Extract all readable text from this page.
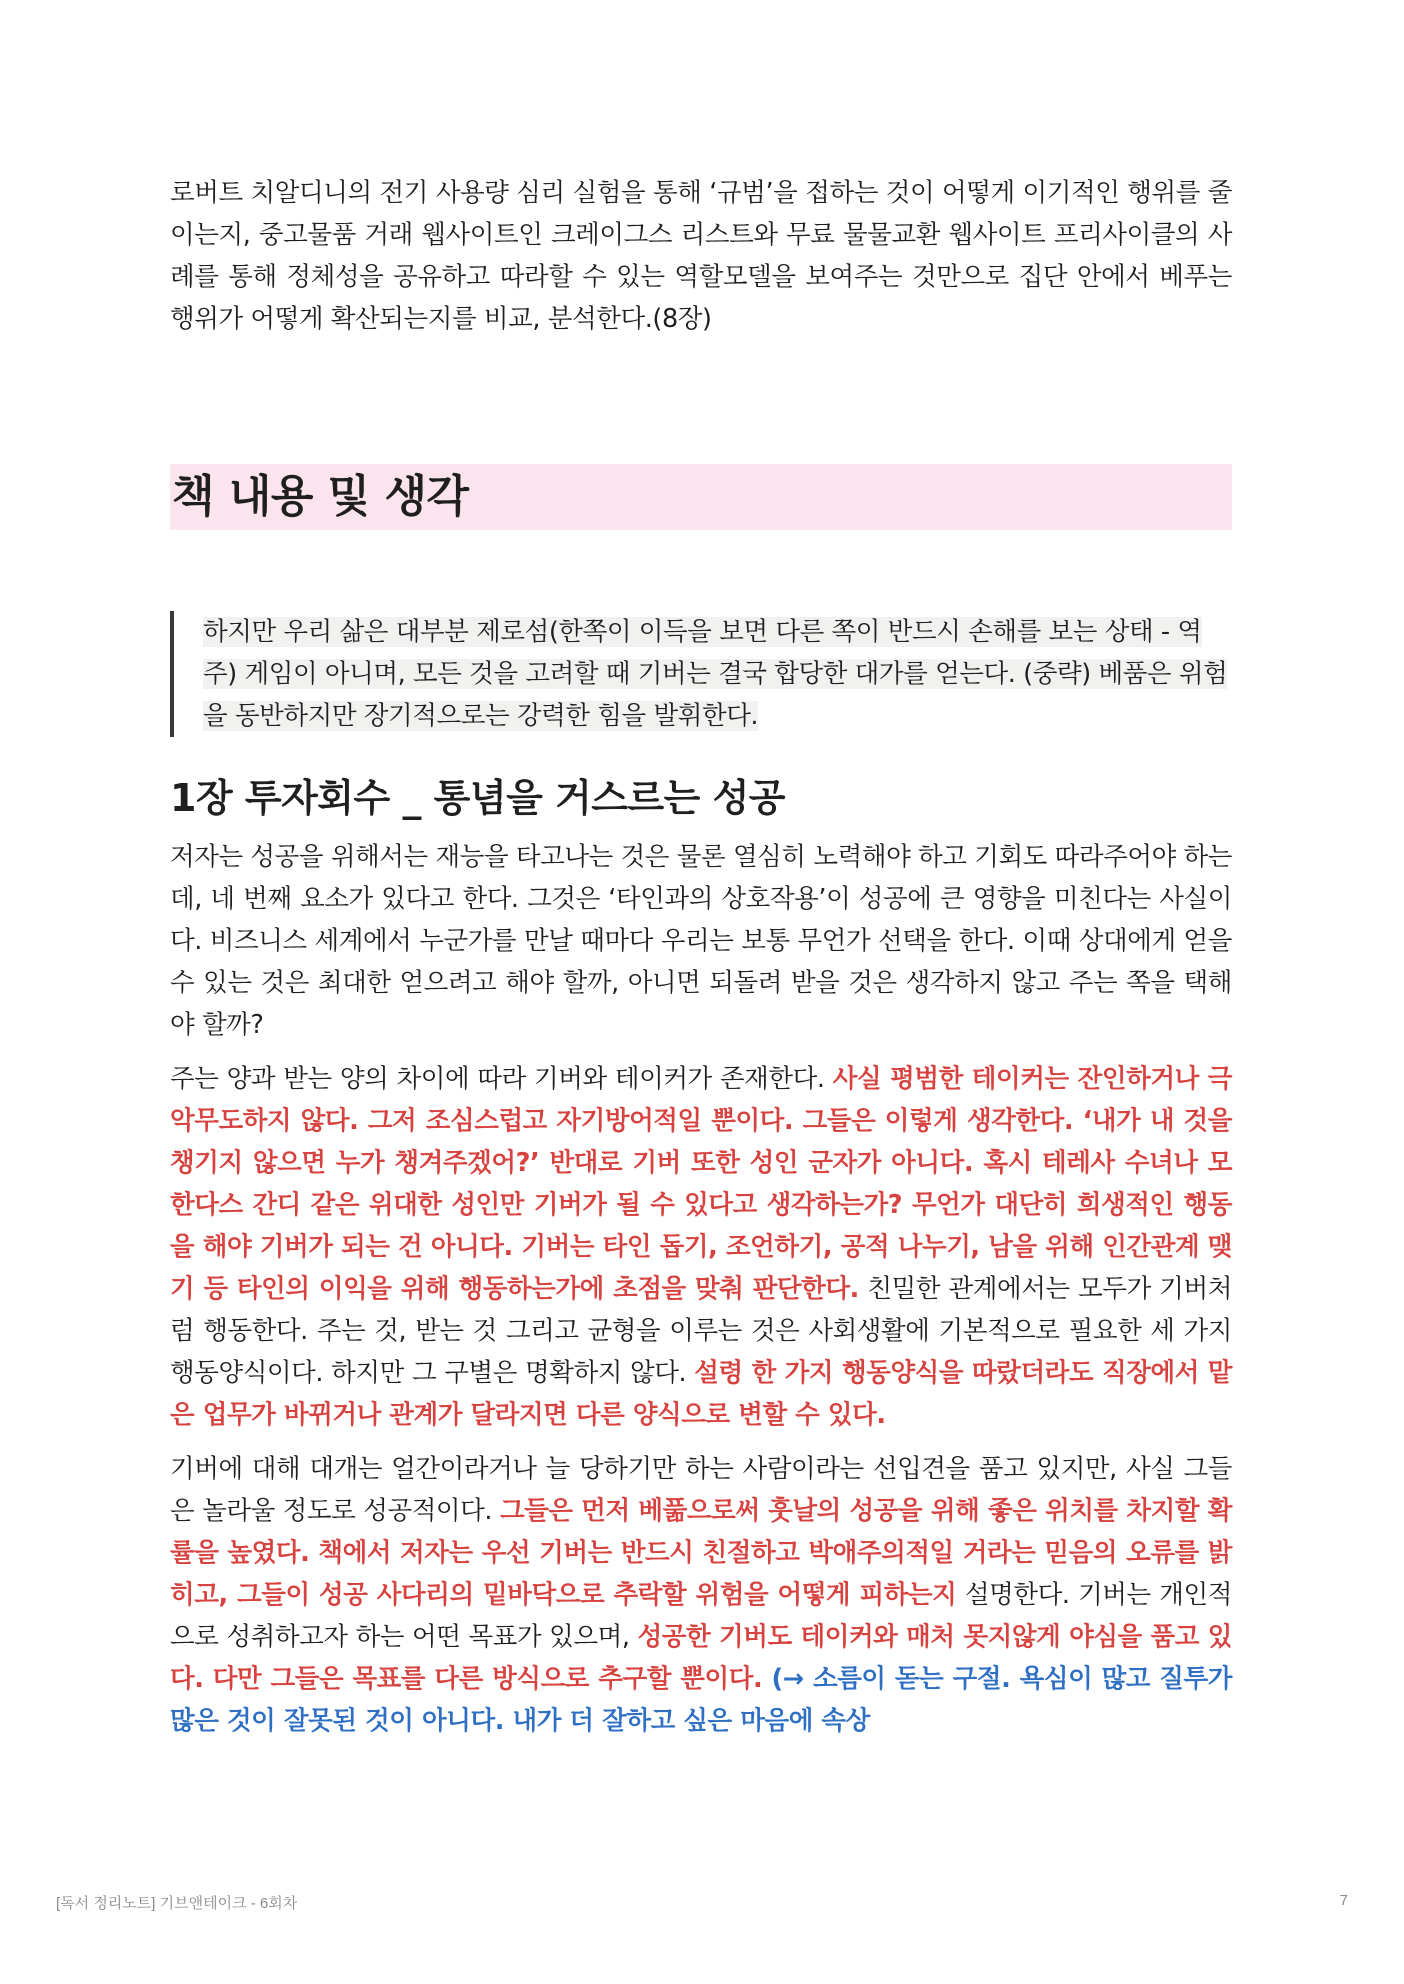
로버트 치알디니의 전기 사용량 심리 실험을 통해 ‘규범’을 접하는 것이 어떻게 이기적인 행위를 줄이는지, 중고물품 거래 웹사이트인 크레이그스 리스트와 무료 물물교환 웹사이트 프리사이클의 사례를 통해 정체성을 공유하고 따라할 수 있는 역할모델을 보여주는 것만으로 집단 안에서 베푸는 행위가 어떻게 확산되는지를 비교, 분석한다.(8장)

책 내용 및 생각

하지만 우리 삶은 대부분 제로섬(한쪽이 이득을 보면 다른 쪽이 반드시 손해를 보는 상태 - 역주) 게임이 아니며, 모든 것을 고려할 때 기버는 결국 합당한 대가를 얻는다. (중략) 베품은 위험을 동반하지만 장기적으로는 강력한 힘을 발휘한다.

1장 투자회수 _ 통념을 거스르는 성공

저자는 성공을 위해서는 재능을 타고나는 것은 물론 열심히 노력해야 하고 기회도 따라주어야 하는데, 네 번째 요소가 있다고 한다. 그것은 ‘타인과의 상호작용’이 성공에 큰 영향을 미친다는 사실이다. 비즈니스 세계에서 누군가를 만날 때마다 우리는 보통 무언가 선택을 한다. 이때 상대에게 얻을 수 있는 것은 최대한 얻으려고 해야 할까, 아니면 되돌려 받을 것은 생각하지 않고 주는 쪽을 택해야 할까?

주는 양과 받는 양의 차이에 따라 기버와 테이커가 존재한다. 사실 평범한 테이커는 잔인하거나 극악무도하지 않다. 그저 조심스럽고 자기방어적일 뿐이다. 그들은 이렇게 생각한다. ‘내가 내 것을 챙기지 않으면 누가 챙겨주겠어?’ 반대로 기버 또한 성인 군자가 아니다. 혹시 테레사 수녀나 모한다스 간디 같은 위대한 성인만 기버가 될 수 있다고 생각하는가? 무언가 대단히 희생적인 행동을 해야 기버가 되는 건 아니다. 기버는 타인 돕기, 조언하기, 공적 나누기, 남을 위해 인간관계 맺기 등 타인의 이익을 위해 행동하는가에 초점을 맞춰 판단한다. 친밀한 관계에서는 모두가 기버처럼 행동한다. 주는 것, 받는 것 그리고 균형을 이루는 것은 사회생활에 기본적으로 필요한 세 가지 행동양식이다. 하지만 그 구별은 명확하지 않다. 설령 한 가지 행동양식을 따랐더라도 직장에서 맡은 업무가 바뀌거나 관계가 달라지면 다른 양식으로 변할 수 있다.

기버에 대해 대개는 얼간이라거나 늘 당하기만 하는 사람이라는 선입견을 품고 있지만, 사실 그들은 놀라울 정도로 성공적이다. 그들은 먼저 베풂으로써 훗날의 성공을 위해 좋은 위치를 차지할 확률을 높였다. 책에서 저자는 우선 기버는 반드시 친절하고 박애주의적일 거라는 믿음의 오류를 밝히고, 그들이 성공 사다리의 밑바닥으로 추락할 위험을 어떻게 피하는지 설명한다. 기버는 개인적으로 성취하고자 하는 어떤 목표가 있으며, 성공한 기버도 테이커와 매처 못지않게 야심을 품고 있다. 다만 그들은 목표를 다른 방식으로 추구할 뿐이다. (→ 소름이 돋는 구절. 욕심이 많고 질투가 많은 것이 잘못된 것이 아니다. 내가 더 잘하고 싶은 마음에 속상

[독서 정리노트] 기브앤테이크 - 6회차	7
